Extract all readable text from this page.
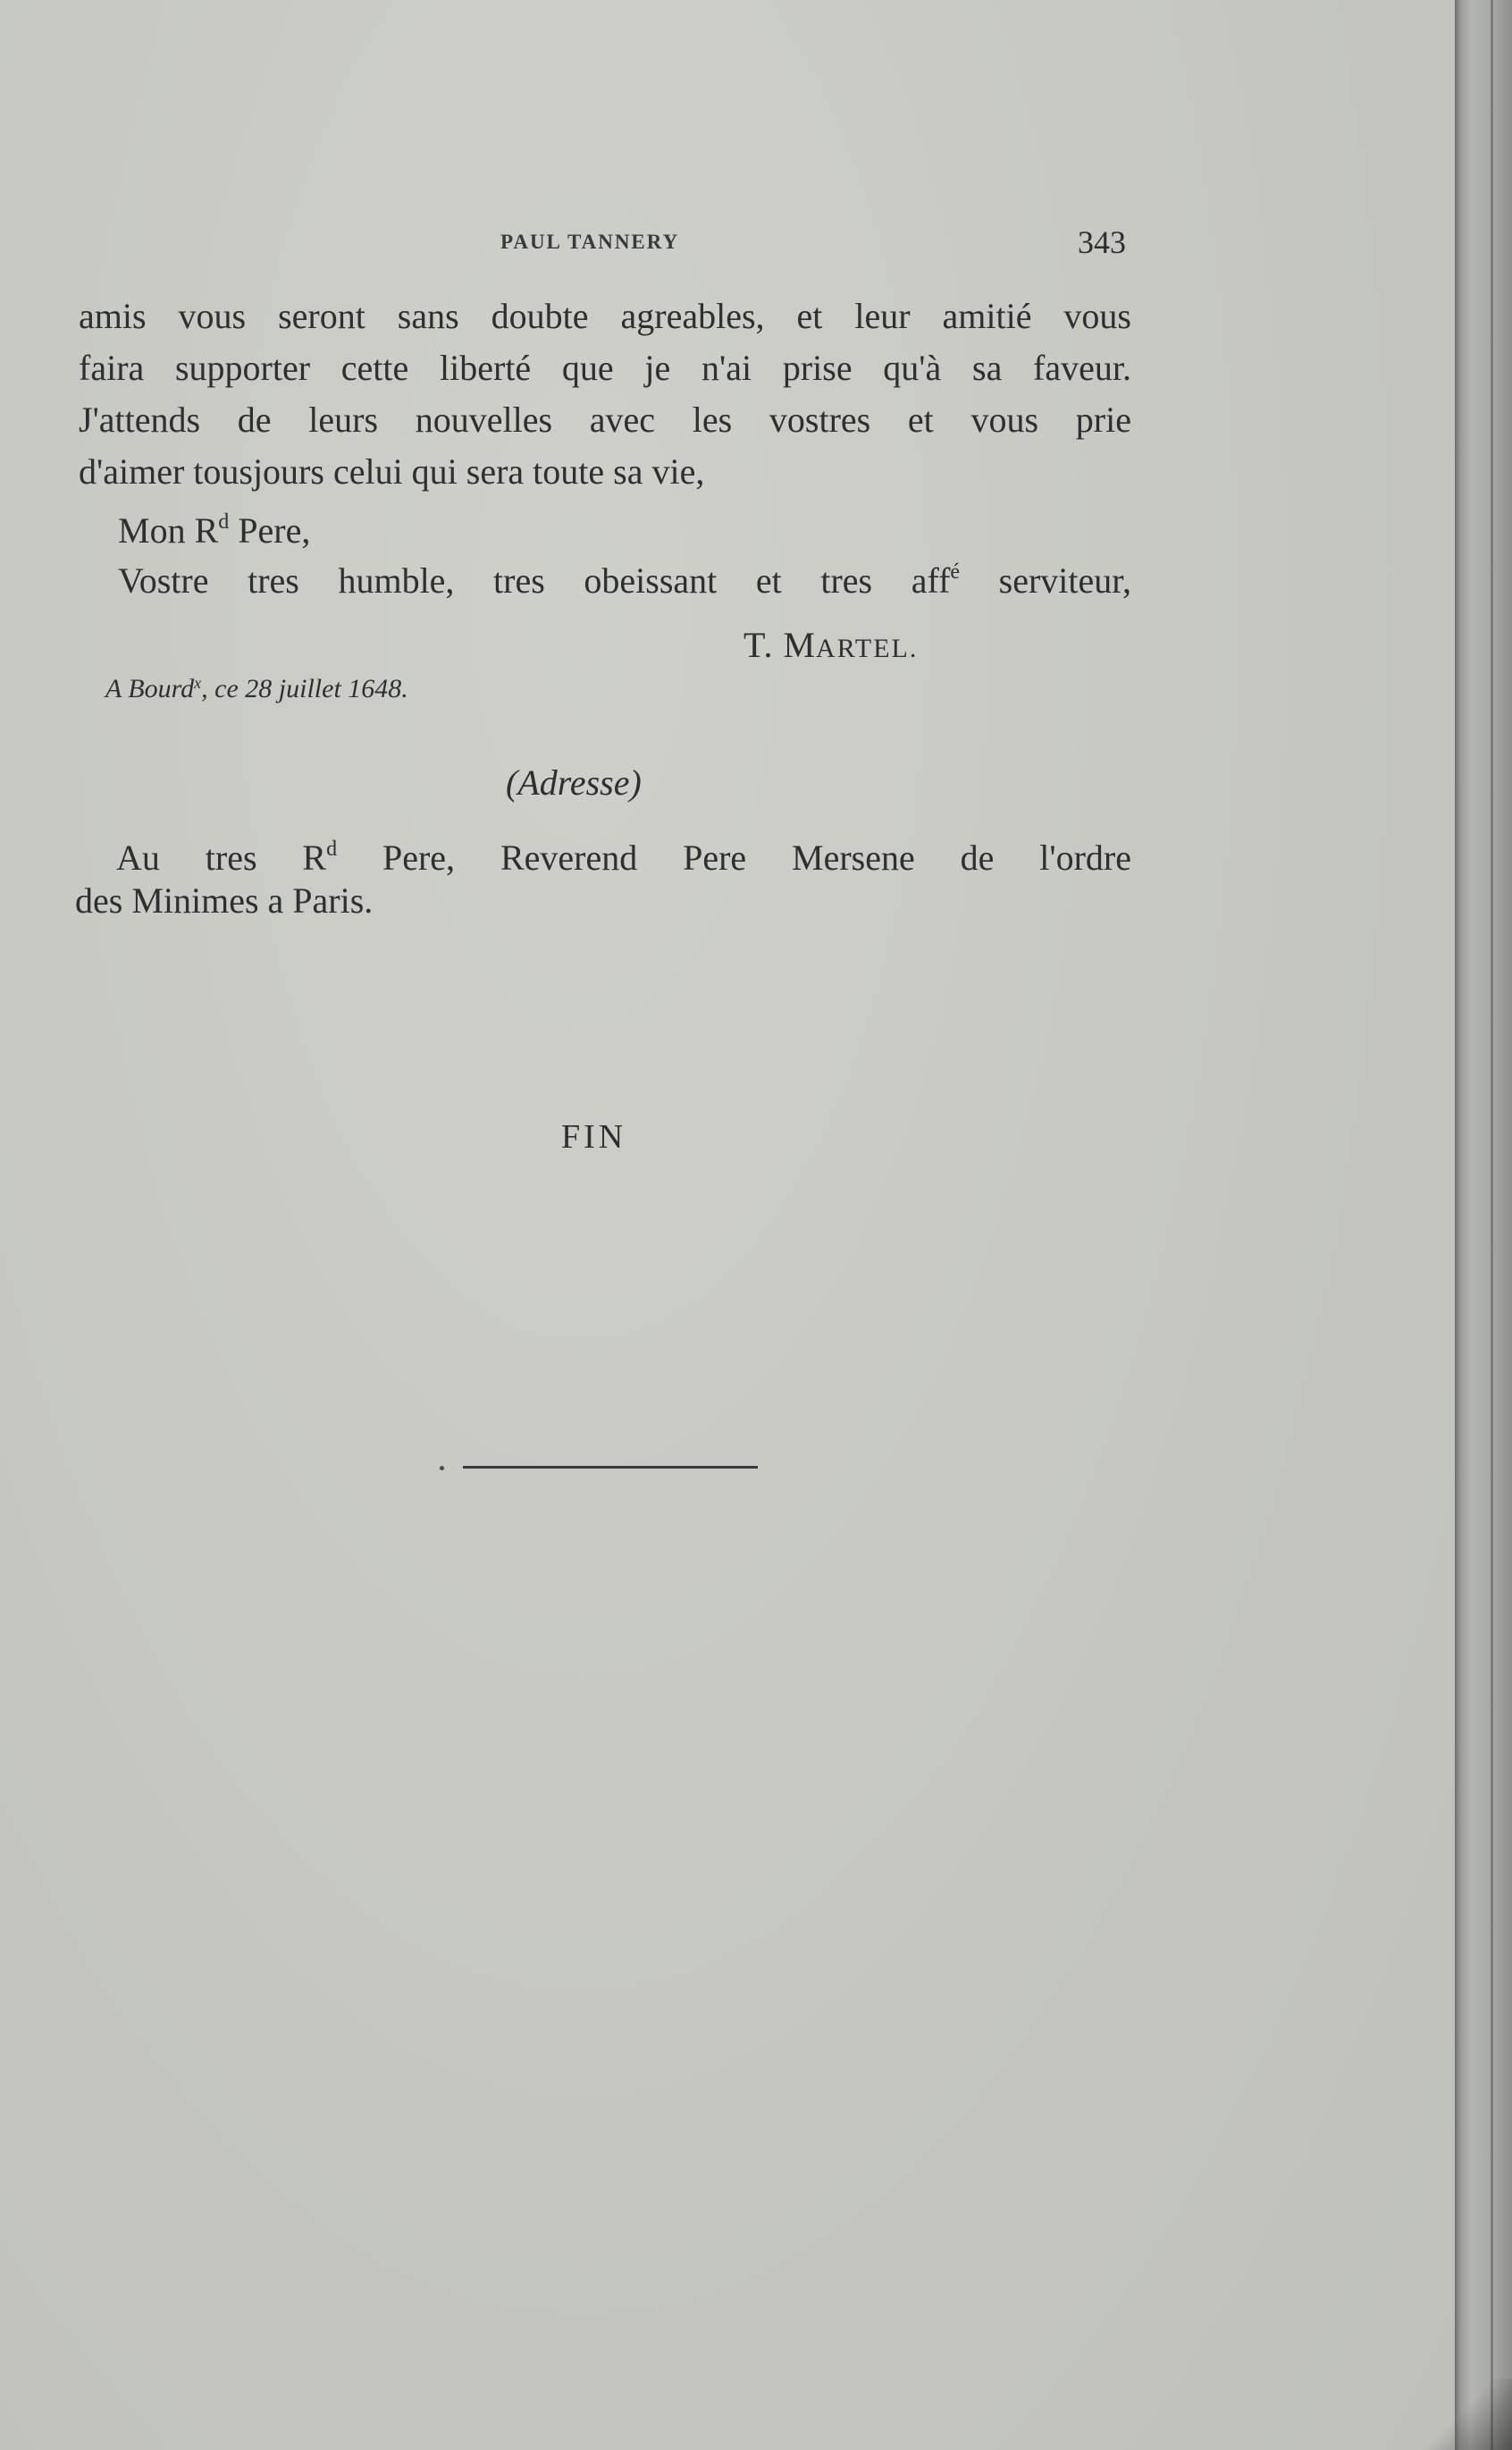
PAUL TANNERY	343
amis vous seront sans doubte agreables, et leur amitié vous
faira supporter cette liberté que je n'ai prise qu'à sa faveur.
J'attends de leurs nouvelles avec les vostres et vous prie
d'aimer tousjours celui qui sera toute sa vie,
Mon $R^d$ Pere,
Vostre tres humble, tres obeissant et tres aff$^é$ serviteur,
T. MARTEL.
A Bourd$^x$, ce 28 juillet 1648.
(Adresse)
Au tres $R^d$ Pere, Reverend Pere Mersene de l'ordre
des Minimes a Paris.
FIN
